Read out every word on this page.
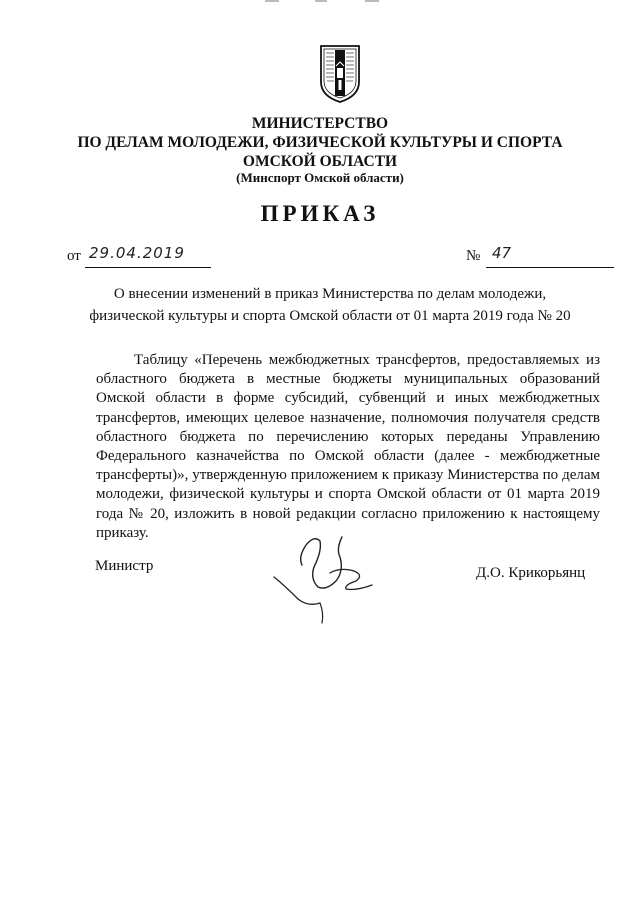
МИНИСТЕРСТВО
ПО ДЕЛАМ МОЛОДЕЖИ, ФИЗИЧЕСКОЙ КУЛЬТУРЫ И СПОРТА
ОМСКОЙ ОБЛАСТИ
(Минспорт Омской области)
ПРИКАЗ
от 29.04.2019	№ 47
О внесении изменений в приказ Министерства по делам молодежи,
физической культуры и спорта Омской области от 01 марта 2019 года № 20
Таблицу «Перечень межбюджетных трансфертов, предоставляемых из областного бюджета в местные бюджеты муниципальных образований Омской области в форме субсидий, субвенций и иных межбюджетных трансфертов, имеющих целевое назначение, полномочия получателя средств областного бюджета по перечислению которых переданы Управлению Федерального казначейства по Омской области (далее - межбюджетные трансферты)», утвержденную приложением к приказу Министерства по делам молодежи, физической культуры и спорта Омской области от 01 марта 2019 года № 20, изложить в новой редакции согласно приложению к настоящему приказу.
Министр	Д.О. Крикорьянц
